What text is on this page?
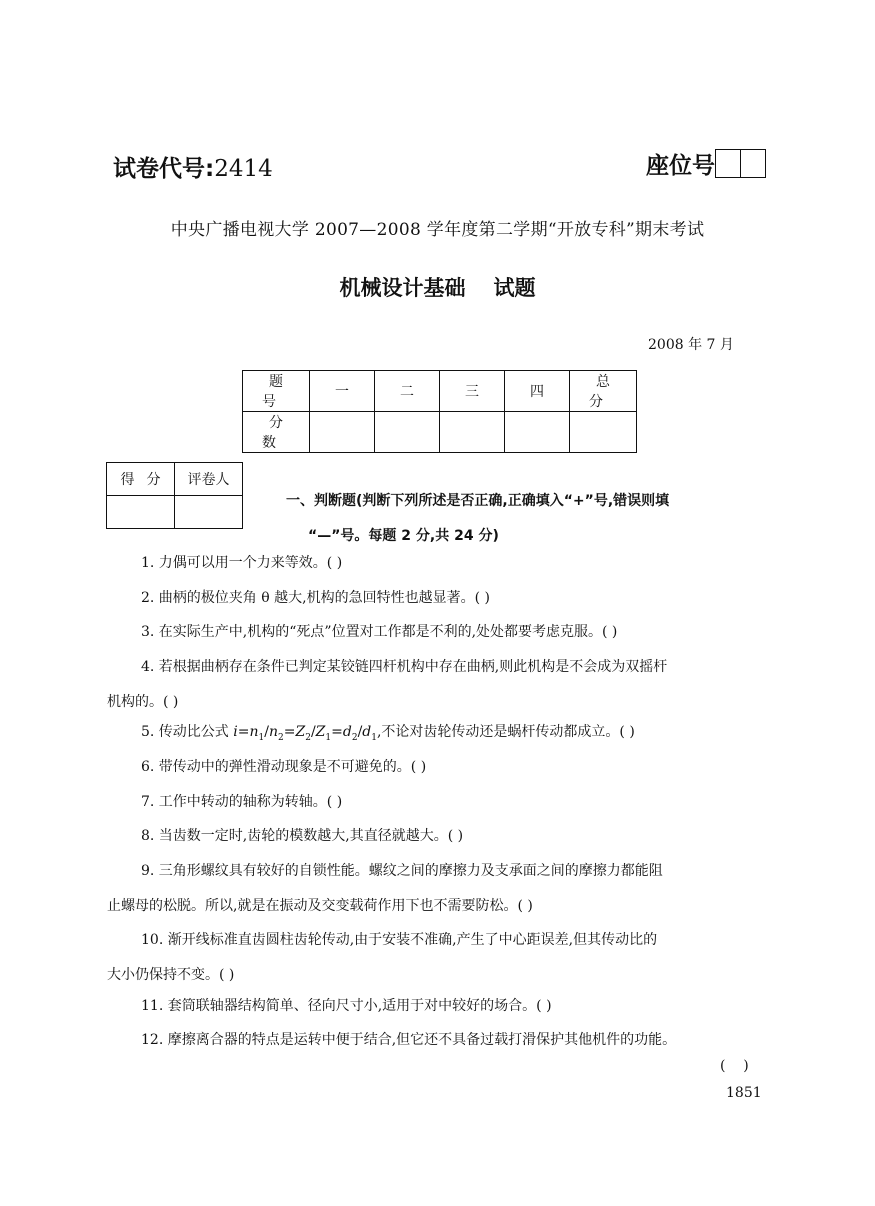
试卷代号:2414	座位号
中央广播电视大学 2007—2008 学年度第二学期“开放专科”期末考试
机械设计基础 试题
2008 年 7 月
题号	一	二	三	四	总分
分数					
得分	评卷人

一、判断题(判断下列所述是否正确,正确填入“+”号,错误则填
“—”号。每题 2 分,共 24 分)
1. 力偶可以用一个力来等效。( )
2. 曲柄的极位夹角 θ 越大,机构的急回特性也越显著。( )
3. 在实际生产中,机构的“死点”位置对工作都是不利的,处处都要考虑克服。( )
4. 若根据曲柄存在条件已判定某铰链四杆机构中存在曲柄,则此机构是不会成为双摇杆
机构的。( )
5. 传动比公式 $i=n_1/n_2=Z_2/Z_1=d_2/d_1$,不论对齿轮传动还是蜗杆传动都成立。( )
6. 带传动中的弹性滑动现象是不可避免的。( )
7. 工作中转动的轴称为转轴。( )
8. 当齿数一定时,齿轮的模数越大,其直径就越大。( )
9. 三角形螺纹具有较好的自锁性能。螺纹之间的摩擦力及支承面之间的摩擦力都能阻
止螺母的松脱。所以,就是在振动及交变载荷作用下也不需要防松。( )
10. 渐开线标准直齿圆柱齿轮传动,由于安装不准确,产生了中心距误差,但其传动比的
大小仍保持不变。( )
11. 套筒联轴器结构简单、径向尺寸小,适用于对中较好的场合。( )
12. 摩擦离合器的特点是运转中便于结合,但它还不具备过载打滑保护其他机件的功能。
(    )
1851
